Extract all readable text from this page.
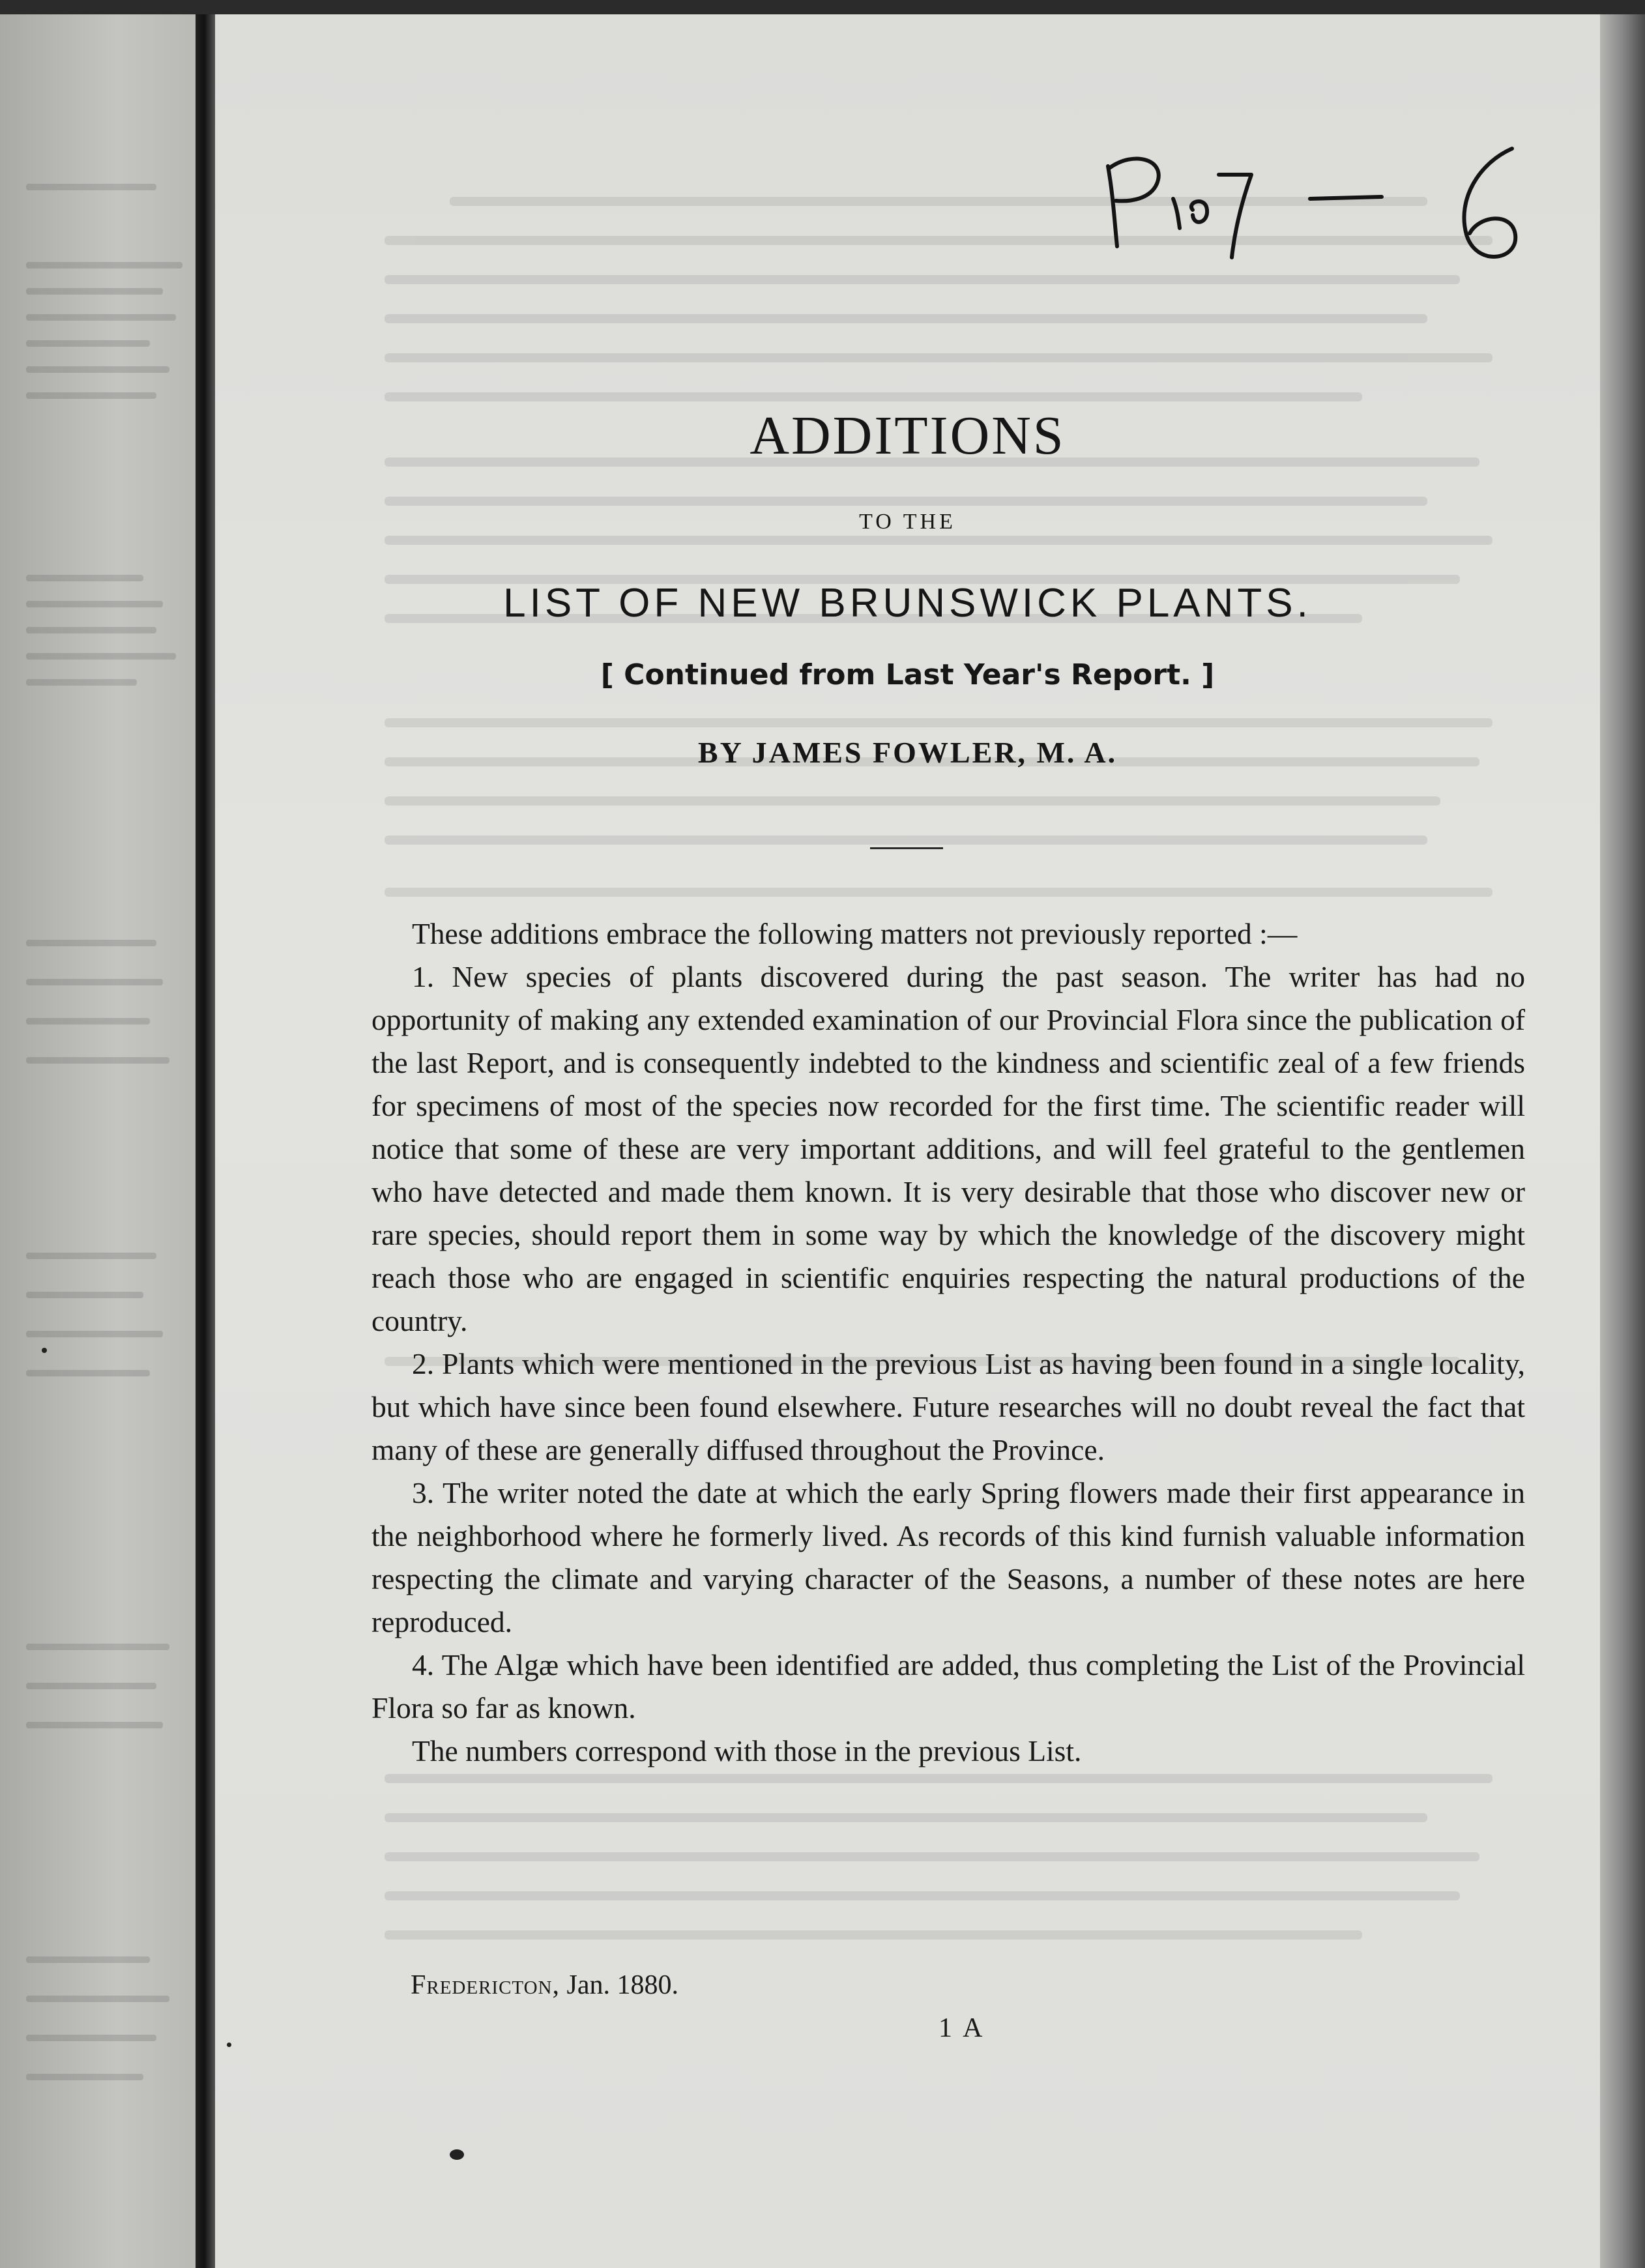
ADDITIONS
TO THE
LIST OF NEW BRUNSWICK PLANTS.
[ Continued from Last Year's Report. ]
BY JAMES FOWLER, M. A.

These additions embrace the following matters not previously reported :—

1. New species of plants discovered during the past season. The writer has had no opportunity of making any extended examination of our Provincial Flora since the publication of the last Report, and is consequently indebted to the kindness and scientific zeal of a few friends for specimens of most of the species now recorded for the first time. The scientific reader will notice that some of these are very important additions, and will feel grateful to the gentlemen who have detected and made them known. It is very desirable that those who discover new or rare species, should report them in some way by which the knowledge of the discovery might reach those who are engaged in scientific enquiries respecting the natural productions of the country.

2. Plants which were mentioned in the previous List as having been found in a single locality, but which have since been found elsewhere. Future researches will no doubt reveal the fact that many of these are generally diffused throughout the Province.

3. The writer noted the date at which the early Spring flowers made their first appearance in the neighborhood where he formerly lived. As records of this kind furnish valuable information respecting the climate and varying character of the Seasons, a number of these notes are here reproduced.

4. The Algæ which have been identified are added, thus completing the List of the Provincial Flora so far as known.

The numbers correspond with those in the previous List.

Fredericton, Jan. 1880.
1 A
